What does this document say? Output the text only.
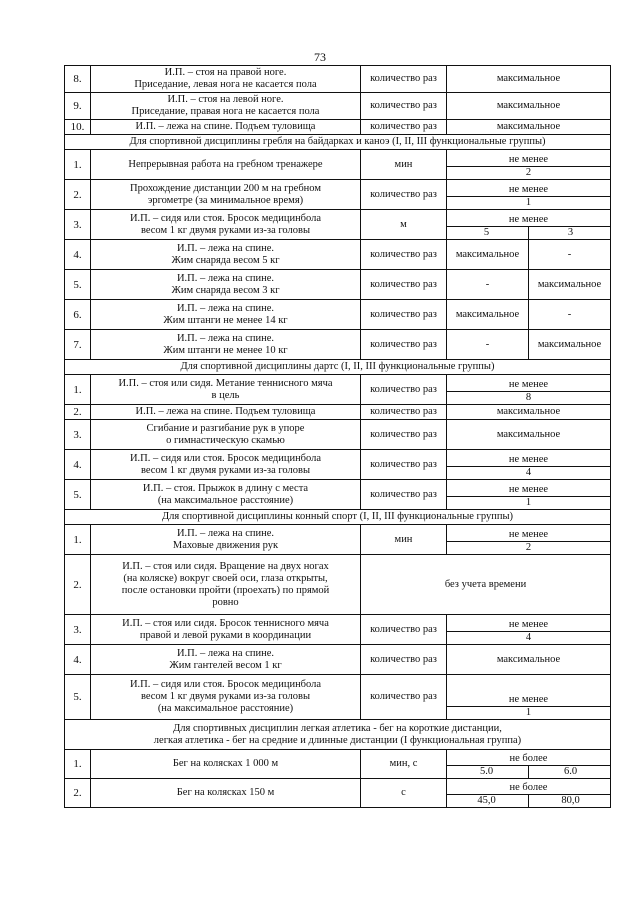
73
8.	И.П. – стоя на правой ноге.
Приседание, левая нога не касается пола	количество раз	максимальное	
9.	И.П. – стоя на левой ноге.
Приседание, правая нога не касается пола	количество раз	максимальное	
10.	И.П. – лежа на спине. Подъем туловища	количество раз	максимальное	
Для спортивной дисциплины гребля на байдарках и каноэ (I, II, III функциональные группы)				
1.	Непрерывная работа на гребном тренажере	мин	не менее
2	

2.	Прохождение дистанции 200 м на гребном
эргометре (за минимальное время)	количество раз	не менее
1	

3.	И.П. – сидя или стоя. Бросок медицинбола
весом 1 кг двумя руками из-за головы	м	не менее
5 3	

4.	И.П. – лежа на спине.
Жим снаряда весом 5 кг	количество раз	максимальное	-
5.	И.П. – лежа на спине.
Жим снаряда весом 3 кг	количество раз	-	максимальное
6.	И.П. – лежа на спине.
Жим штанги не менее 14 кг	количество раз	максимальное	-
7.	И.П. – лежа на спине.
Жим штанги не менее 10 кг	количество раз	-	максимальное
Для спортивной дисциплины дартс (I, II, III функциональные группы)				
1.	И.П. – стоя или сидя. Метание теннисного мяча
в цель	количество раз	не менее
8	

2.	И.П. – лежа на спине. Подъем туловища	количество раз	максимальное	
3.	Сгибание и разгибание рук в упоре
о гимнастическую скамью	количество раз	максимальное	
4.	И.П. – сидя или стоя. Бросок медицинбола
весом 1 кг двумя руками из-за головы	количество раз	не менее
4	

5.	И.П. – стоя. Прыжок в длину с места
(на максимальное расстояние)	количество раз	не менее
1	

Для спортивной дисциплины конный спорт (I, II, III функциональные группы)				
1.	И.П. – лежа на спине.
Маховые движения рук	мин	не менее
2	

2.	И.П. – стоя или сидя. Вращение на двух ногах
(на коляске) вокруг своей оси, глаза открыты,
после остановки пройти (проехать) по прямой
ровно	без учета времени		
3.	И.П. – стоя или сидя. Бросок теннисного мяча
правой и левой руками в координации	количество раз	не менее
4	

4.	И.П. – лежа на спине.
Жим гантелей весом 1 кг	количество раз	максимальное	
5.	И.П. – сидя или стоя. Бросок медицинбола
весом 1 кг двумя руками из-за головы
(на максимальное расстояние)	количество раз	не менее
1	

Для спортивных дисциплин легкая атлетика - бег на короткие дистанции,
легкая атлетика - бег на средние и длинные дистанции (I функциональная группа)				
1.	Бег на колясках 1 000 м	мин, с	не более
5.0 6.0	

2.	Бег на колясках 150 м	с	не более
45,0 80,0	
